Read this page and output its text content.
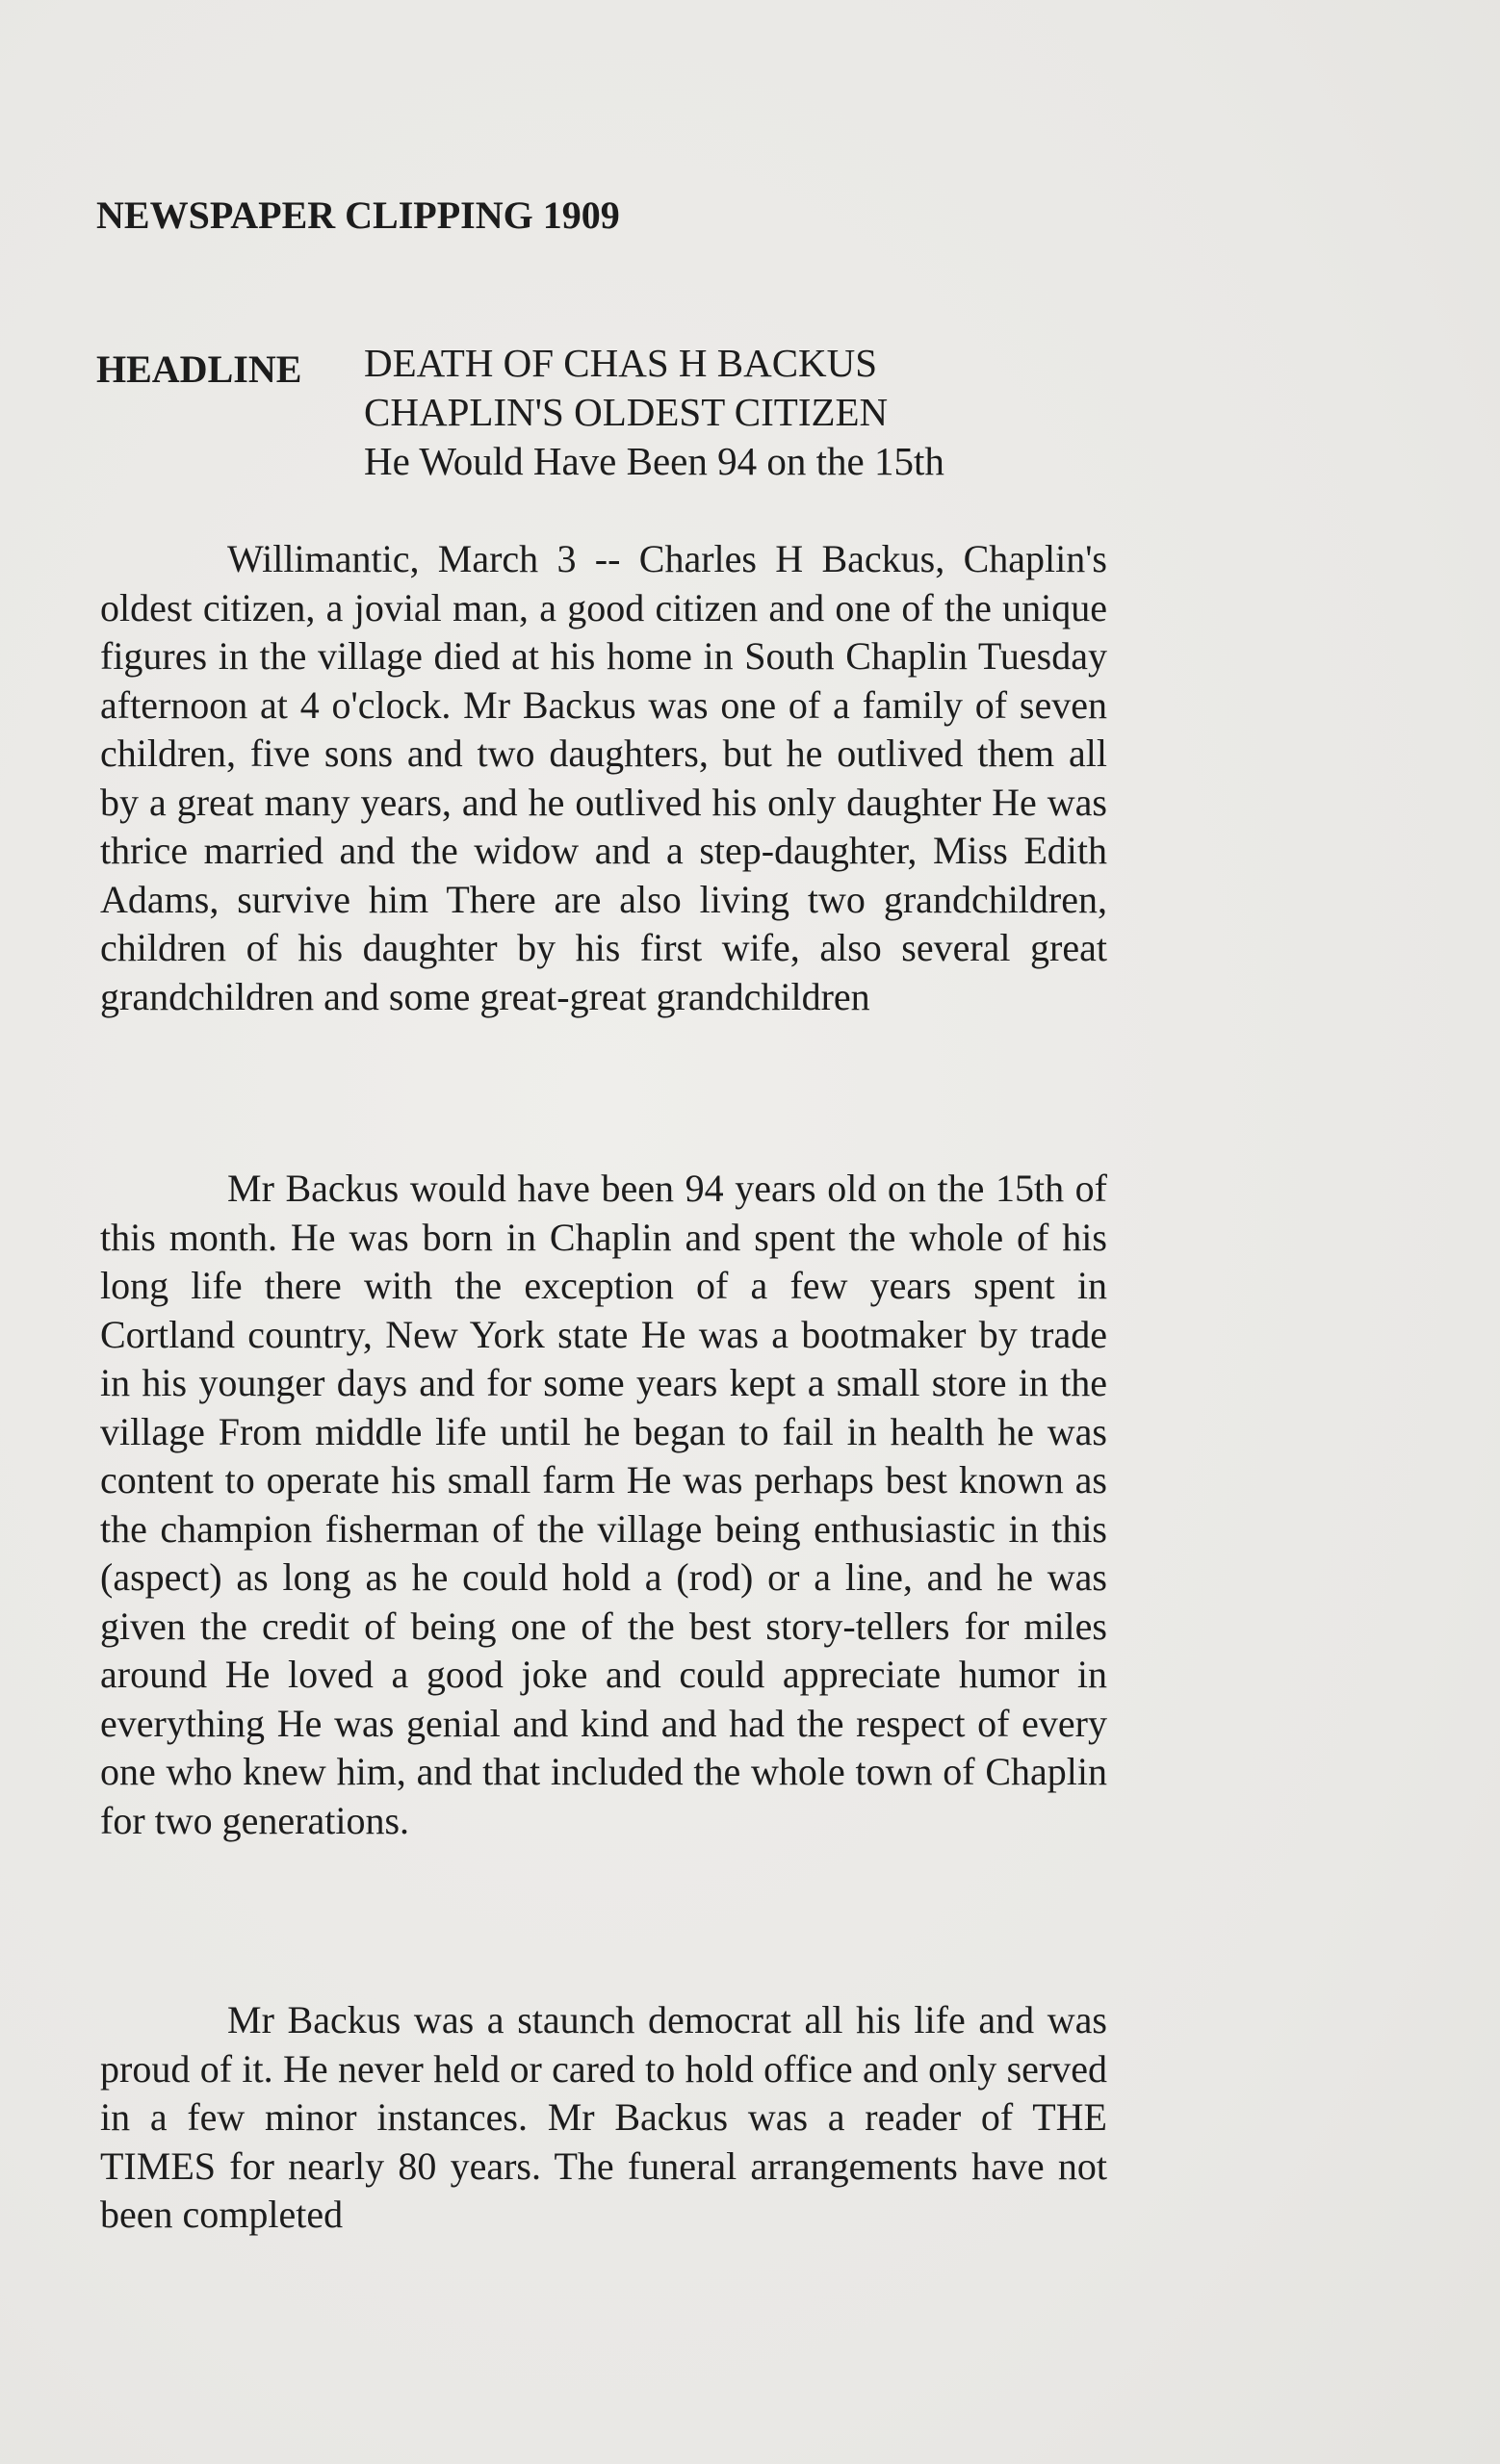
NEWSPAPER CLIPPING 1909
HEADLINE DEATH OF CHAS H BACKUS
CHAPLIN'S OLDEST CITIZEN
He Would Have Been 94 on the 15th

Willimantic, March 3 -- Charles H Backus, Chaplin's oldest citizen, a jovial man, a good citizen and one of the unique figures in the village died at his home in South Chaplin Tuesday afternoon at 4 o'clock. Mr Backus was one of a family of seven children, five sons and two daughters, but he outlived them all by a great many years, and he outlived his only daughter He was thrice married and the widow and a step-daughter, Miss Edith Adams, survive him There are also living two grandchildren, children of his daughter by his first wife, also several great grandchildren and some great-great grandchildren

Mr Backus would have been 94 years old on the 15th of this month. He was born in Chaplin and spent the whole of his long life there with the exception of a few years spent in Cortland country, New York state He was a bootmaker by trade in his younger days and for some years kept a small store in the village From middle life until he began to fail in health he was content to operate his small farm He was perhaps best known as the champion fisherman of the village being enthusiastic in this (aspect) as long as he could hold a (rod) or a line, and he was given the credit of being one of the best story-tellers for miles around He loved a good joke and could appreciate humor in everything He was genial and kind and had the respect of every one who knew him, and that included the whole town of Chaplin for two generations.

Mr Backus was a staunch democrat all his life and was proud of it. He never held or cared to hold office and only served in a few minor instances. Mr Backus was a reader of THE TIMES for nearly 80 years. The funeral arrangements have not been completed
